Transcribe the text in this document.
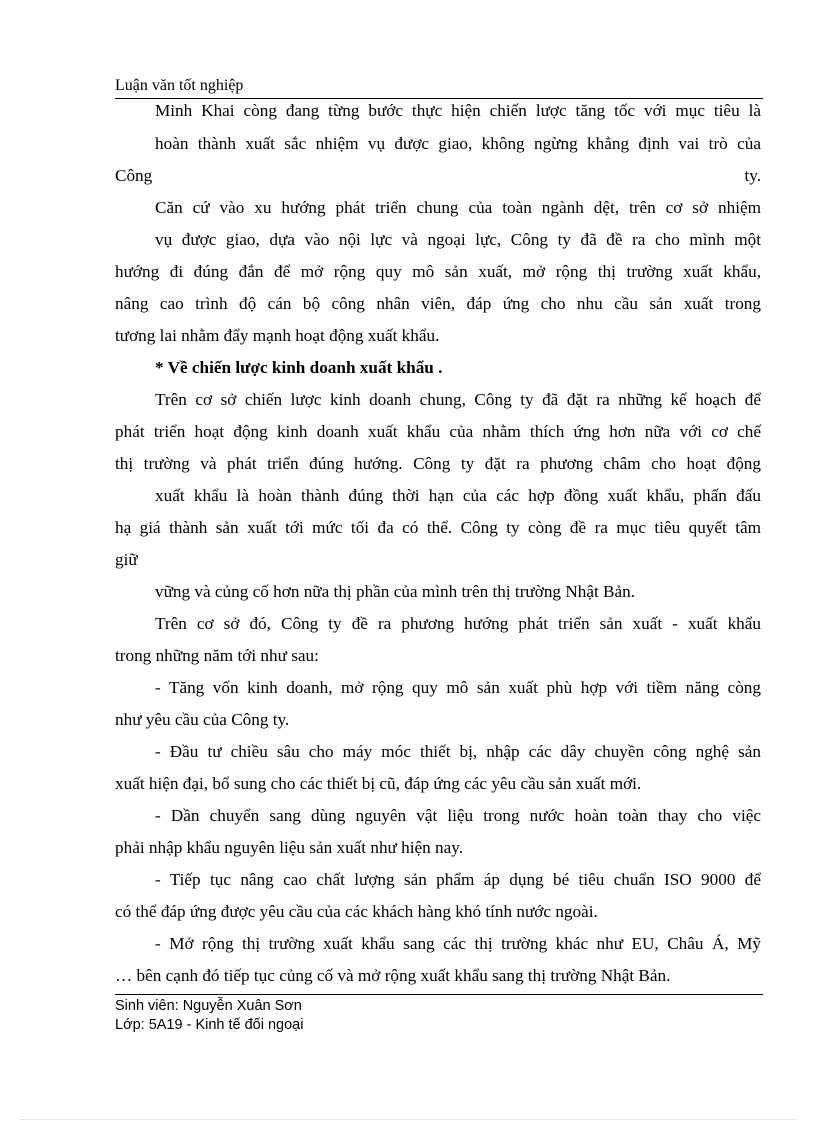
Luận văn tốt nghiệp
Minh Khai còng đang từng bước thực hiện chiến lược tăng tốc với mục tiêu là
hoàn thành xuất sắc nhiệm vụ được giao, không ngừng khẳng định vai trò của
Công	ty.
Căn cứ vào xu hướng phát triển chung của toàn ngành dệt, trên cơ sở nhiệm
vụ được giao, dựa vào nội lực và ngoại lực, Công ty đã đề ra cho mình một
hướng đi đúng đắn để mở rộng quy mô sản xuất, mở rộng thị trường xuất khẩu,
nâng cao trình độ cán bộ công nhân viên, đáp ứng cho nhu cầu sản xuất trong
tương lai nhằm đẩy mạnh hoạt động xuất khẩu.
* Về chiến lược kinh doanh xuất khẩu .
Trên cơ sở chiến lược kinh doanh chung, Công ty đã đặt ra những kế hoạch để
phát triển hoạt động kinh doanh xuất khẩu của nhằm thích ứng hơn nữa với cơ chế
thị trường và phát triển đúng hướng. Công ty đặt ra phương châm cho hoạt động
xuất khẩu là hoàn thành đúng thời hạn của các hợp đồng xuất khẩu, phấn đấu
hạ giá thành sản xuất tới mức tối đa có thể. Công ty còng đề ra mục tiêu quyết tâm
giữ
vững và củng cố hơn nữa thị phần của mình trên thị trường Nhật Bản.
Trên cơ sở đó, Công ty đề ra phương hướng phát triển sản xuất - xuất khẩu
trong những năm tới như sau:
- Tăng vốn kinh doanh, mở rộng quy mô sản xuất phù hợp với tiềm năng còng
như yêu cầu của Công ty.
- Đầu tư chiều sâu cho máy móc thiết bị, nhập các dây chuyền công nghệ sản
xuất hiện đại, bổ sung cho các thiết bị cũ, đáp ứng các yêu cầu sản xuất mới.
- Dần chuyển sang dùng nguyên vật liệu trong nước hoàn toàn thay cho việc
phải nhập khẩu nguyên liệu sản xuất như hiện nay.
- Tiếp tục nâng cao chất lượng sản phẩm áp dụng bé tiêu chuẩn ISO 9000 để
có thể đáp ứng được yêu cầu của các khách hàng khó tính nước ngoài.
- Mở rộng thị trường xuất khẩu sang các thị trường khác như EU, Châu Á, Mỹ
… bên cạnh đó tiếp tục củng cố và mở rộng xuất khẩu sang thị trường Nhật Bản.
Sinh viên: Nguyễn Xuân Sơn
Lớp: 5A19 - Kinh tế đối ngoại
